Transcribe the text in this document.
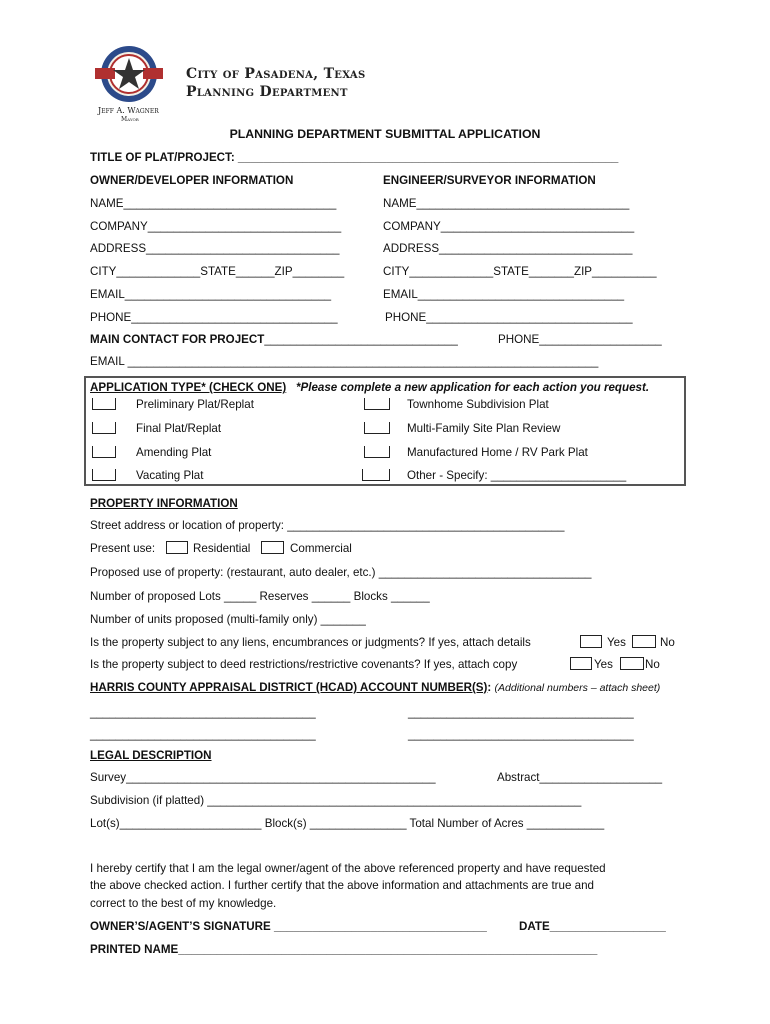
City of Pasadena, Texas
Planning Department
Jeff A. Wagner
Mayor
PLANNING DEPARTMENT SUBMITTAL APPLICATION
TITLE OF PLAT/PROJECT: ___________________________________________________________
OWNER/DEVELOPER INFORMATION	ENGINEER/SURVEYOR INFORMATION
NAME_________________________________	NAME_________________________________
COMPANY______________________________	COMPANY______________________________
ADDRESS______________________________	ADDRESS______________________________
CITY_____________STATE______ZIP________	CITY_____________STATE_______ZIP__________
EMAIL________________________________	EMAIL________________________________
PHONE________________________________	PHONE________________________________
MAIN CONTACT FOR PROJECT______________________________	PHONE___________________
EMAIL _________________________________________________________________________
APPLICATION TYPE* (CHECK ONE) *Please complete a new application for each action you request.
Preliminary Plat/Replat	Townhome Subdivision Plat
Final Plat/Replat	Multi-Family Site Plan Review
Amending Plat	Manufactured Home / RV Park Plat
Vacating Plat	Other - Specify: _____________________
PROPERTY INFORMATION
Street address or location of property: ___________________________________________
Present use:	Residential	Commercial
Proposed use of property: (restaurant, auto dealer, etc.) _________________________________
Number of proposed Lots _____ Reserves ______ Blocks ______
Number of units proposed (multi-family only) _______
Is the property subject to any liens, encumbrances or judgments? If yes, attach details	Yes	No
Is the property subject to deed restrictions/restrictive covenants? If yes, attach copy	Yes	No
HARRIS COUNTY APPRAISAL DISTRICT (HCAD) ACCOUNT NUMBER(S): (Additional numbers – attach sheet)
___________________________________	___________________________________
___________________________________	___________________________________
LEGAL DESCRIPTION
Survey________________________________________________	Abstract___________________
Subdivision (if platted) __________________________________________________________
Lot(s)______________________ Block(s) _______________ Total Number of Acres ____________
I hereby certify that I am the legal owner/agent of the above referenced property and have requested
the above checked action. I further certify that the above information and attachments are true and
correct to the best of my knowledge.
OWNER’S/AGENT’S SIGNATURE _________________________________	DATE__________________
PRINTED NAME_________________________________________________________________
